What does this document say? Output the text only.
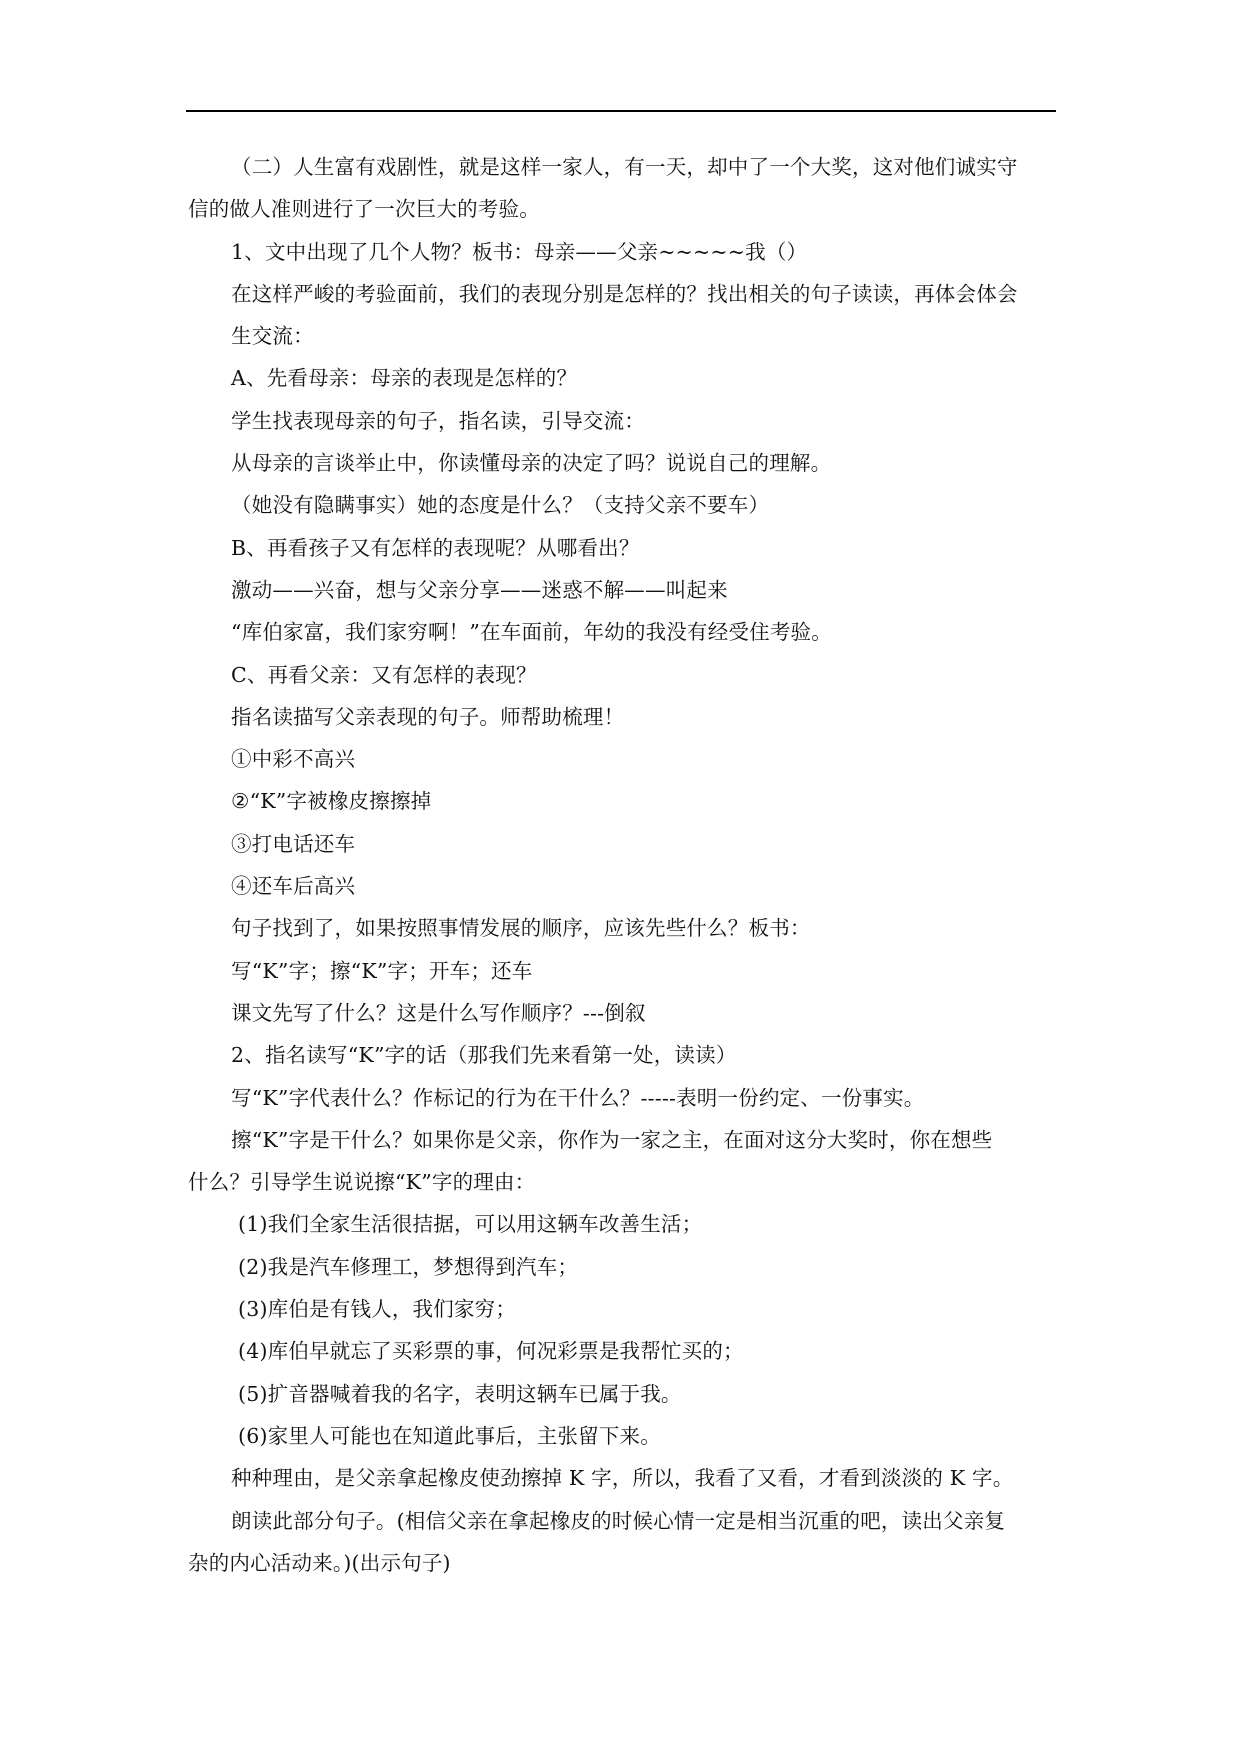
（二）人生富有戏剧性，就是这样一家人，有一天，却中了一个大奖，这对他们诚实守
信的做人准则进行了一次巨大的考验。
1、文中出现了几个人物？板书：母亲——父亲~~~~~我（）
在这样严峻的考验面前，我们的表现分别是怎样的？找出相关的句子读读，再体会体会
生交流：
A、先看母亲：母亲的表现是怎样的？
学生找表现母亲的句子，指名读，引导交流：
从母亲的言谈举止中，你读懂母亲的决定了吗？说说自己的理解。
（她没有隐瞒事实）她的态度是什么？（支持父亲不要车）
B、再看孩子又有怎样的表现呢？从哪看出？
激动——兴奋，想与父亲分享——迷惑不解——叫起来
“库伯家富，我们家穷啊！”在车面前，年幼的我没有经受住考验。
C、再看父亲：又有怎样的表现？
指名读描写父亲表现的句子。师帮助梳理！
①中彩不高兴
②“K”字被橡皮擦擦掉
③打电话还车
④还车后高兴
句子找到了，如果按照事情发展的顺序，应该先些什么？板书：
写“K”字；擦“K”字；开车；还车
课文先写了什么？这是什么写作顺序？---倒叙
2、指名读写“K”字的话（那我们先来看第一处，读读）
写“K”字代表什么？作标记的行为在干什么？-----表明一份约定、一份事实。
擦“K”字是干什么？如果你是父亲，你作为一家之主，在面对这分大奖时，你在想些
什么？引导学生说说擦“K”字的理由：
(1)我们全家生活很拮据，可以用这辆车改善生活；
(2)我是汽车修理工，梦想得到汽车；
(3)库伯是有钱人，我们家穷；
(4)库伯早就忘了买彩票的事，何况彩票是我帮忙买的；
(5)扩音器喊着我的名字，表明这辆车已属于我。
(6)家里人可能也在知道此事后，主张留下来。
种种理由，是父亲拿起橡皮使劲擦掉 K 字，所以，我看了又看，才看到淡淡的 K 字。
朗读此部分句子。(相信父亲在拿起橡皮的时候心情一定是相当沉重的吧，读出父亲复
杂的内心活动来。)(出示句子)
